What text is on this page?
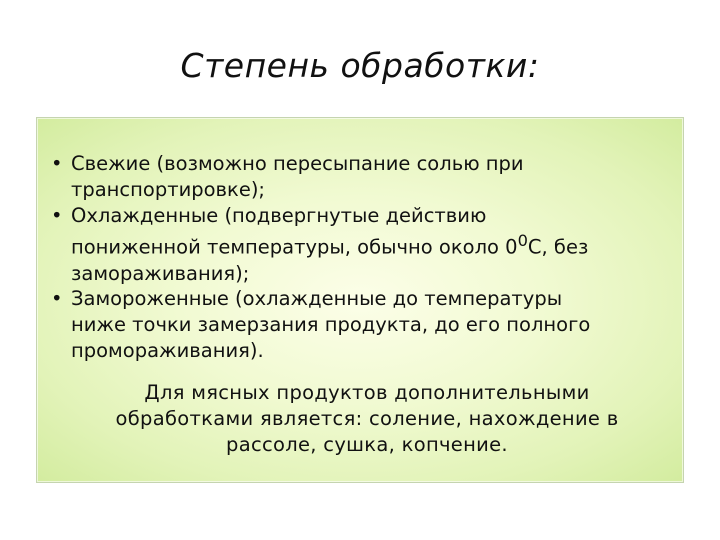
Степень обработки:
• Свежие (возможно пересыпание солью при
транспортировке);
• Охлажденные (подвергнутые действию
пониженной температуры, обычно около $0^0С$, без
замораживания);
• Замороженные (охлажденные до температуры
ниже точки замерзания продукта, до его полного
промораживания).

Для мясных продуктов дополнительными
обработками является: соление, нахождение в
рассоле, сушка, копчение.
